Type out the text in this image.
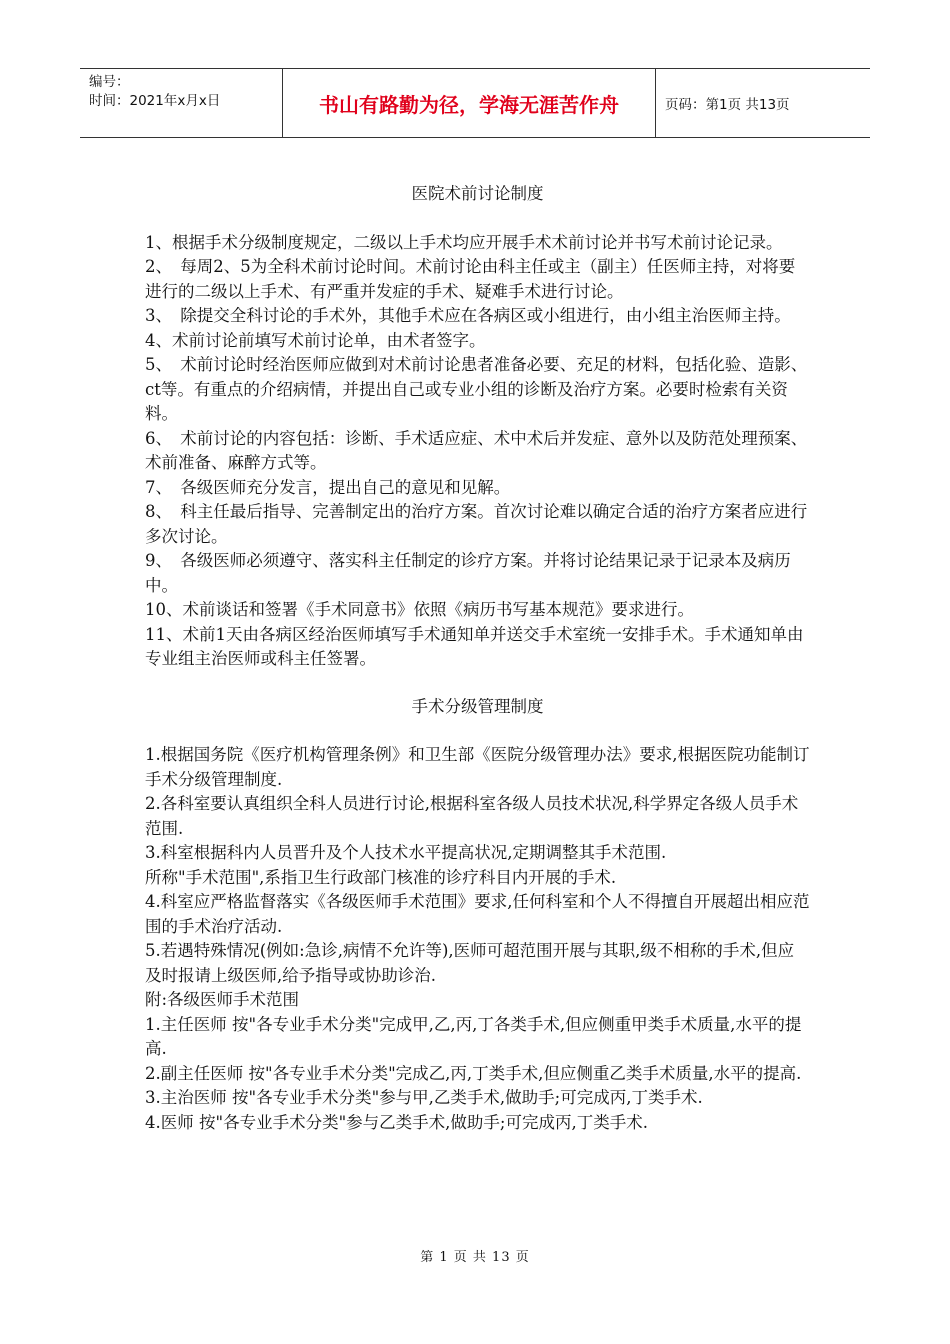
编号：
时间：2021年x月x日	书山有路勤为径，学海无涯苦作舟	页码：第1页 共13页
医院术前讨论制度

1、根据手术分级制度规定，二级以上手术均应开展手术术前讨论并书写术前讨论记录。

2、　每周2、5为全科术前讨论时间。术前讨论由科主任或主（副主）任医师主持，对将要进行的二级以上手术、有严重并发症的手术、疑难手术进行讨论。

3、　除提交全科讨论的手术外，其他手术应在各病区或小组进行，由小组主治医师主持。

4、术前讨论前填写术前讨论单，由术者签字。

5、　术前讨论时经治医师应做到对术前讨论患者准备必要、充足的材料，包括化验、造影、ct等。有重点的介绍病情，并提出自己或专业小组的诊断及治疗方案。必要时检索有关资料。

6、　术前讨论的内容包括：诊断、手术适应症、术中术后并发症、意外以及防范处理预案、术前准备、麻醉方式等。

7、　各级医师充分发言，提出自己的意见和见解。

8、　科主任最后指导、完善制定出的治疗方案。首次讨论难以确定合适的治疗方案者应进行多次讨论。

9、　各级医师必须遵守、落实科主任制定的诊疗方案。并将讨论结果记录于记录本及病历中。

10、术前谈话和签署《手术同意书》依照《病历书写基本规范》要求进行。

11、术前1天由各病区经治医师填写手术通知单并送交手术室统一安排手术。手术通知单由专业组主治医师或科主任签署。

手术分级管理制度

1.根据国务院《医疗机构管理条例》和卫生部《医院分级管理办法》要求,根据医院功能制订手术分级管理制度.

2.各科室要认真组织全科人员进行讨论,根据科室各级人员技术状况,科学界定各级人员手术范围.

3.科室根据科内人员晋升及个人技术水平提高状况,定期调整其手术范围.

所称"手术范围",系指卫生行政部门核准的诊疗科目内开展的手术.

4.科室应严格监督落实《各级医师手术范围》要求,任何科室和个人不得擅自开展超出相应范围的手术治疗活动.

5.若遇特殊情况(例如:急诊,病情不允许等),医师可超范围开展与其职,级不相称的手术,但应及时报请上级医师,给予指导或协助诊治.

附:各级医师手术范围

1.主任医师 按"各专业手术分类"完成甲,乙,丙,丁各类手术,但应侧重甲类手术质量,水平的提高.

2.副主任医师 按"各专业手术分类"完成乙,丙,丁类手术,但应侧重乙类手术质量,水平的提高.

3.主治医师 按"各专业手术分类"参与甲,乙类手术,做助手;可完成丙,丁类手术.

4.医师 按"各专业手术分类"参与乙类手术,做助手;可完成丙,丁类手术.

第 1 页 共 13 页
